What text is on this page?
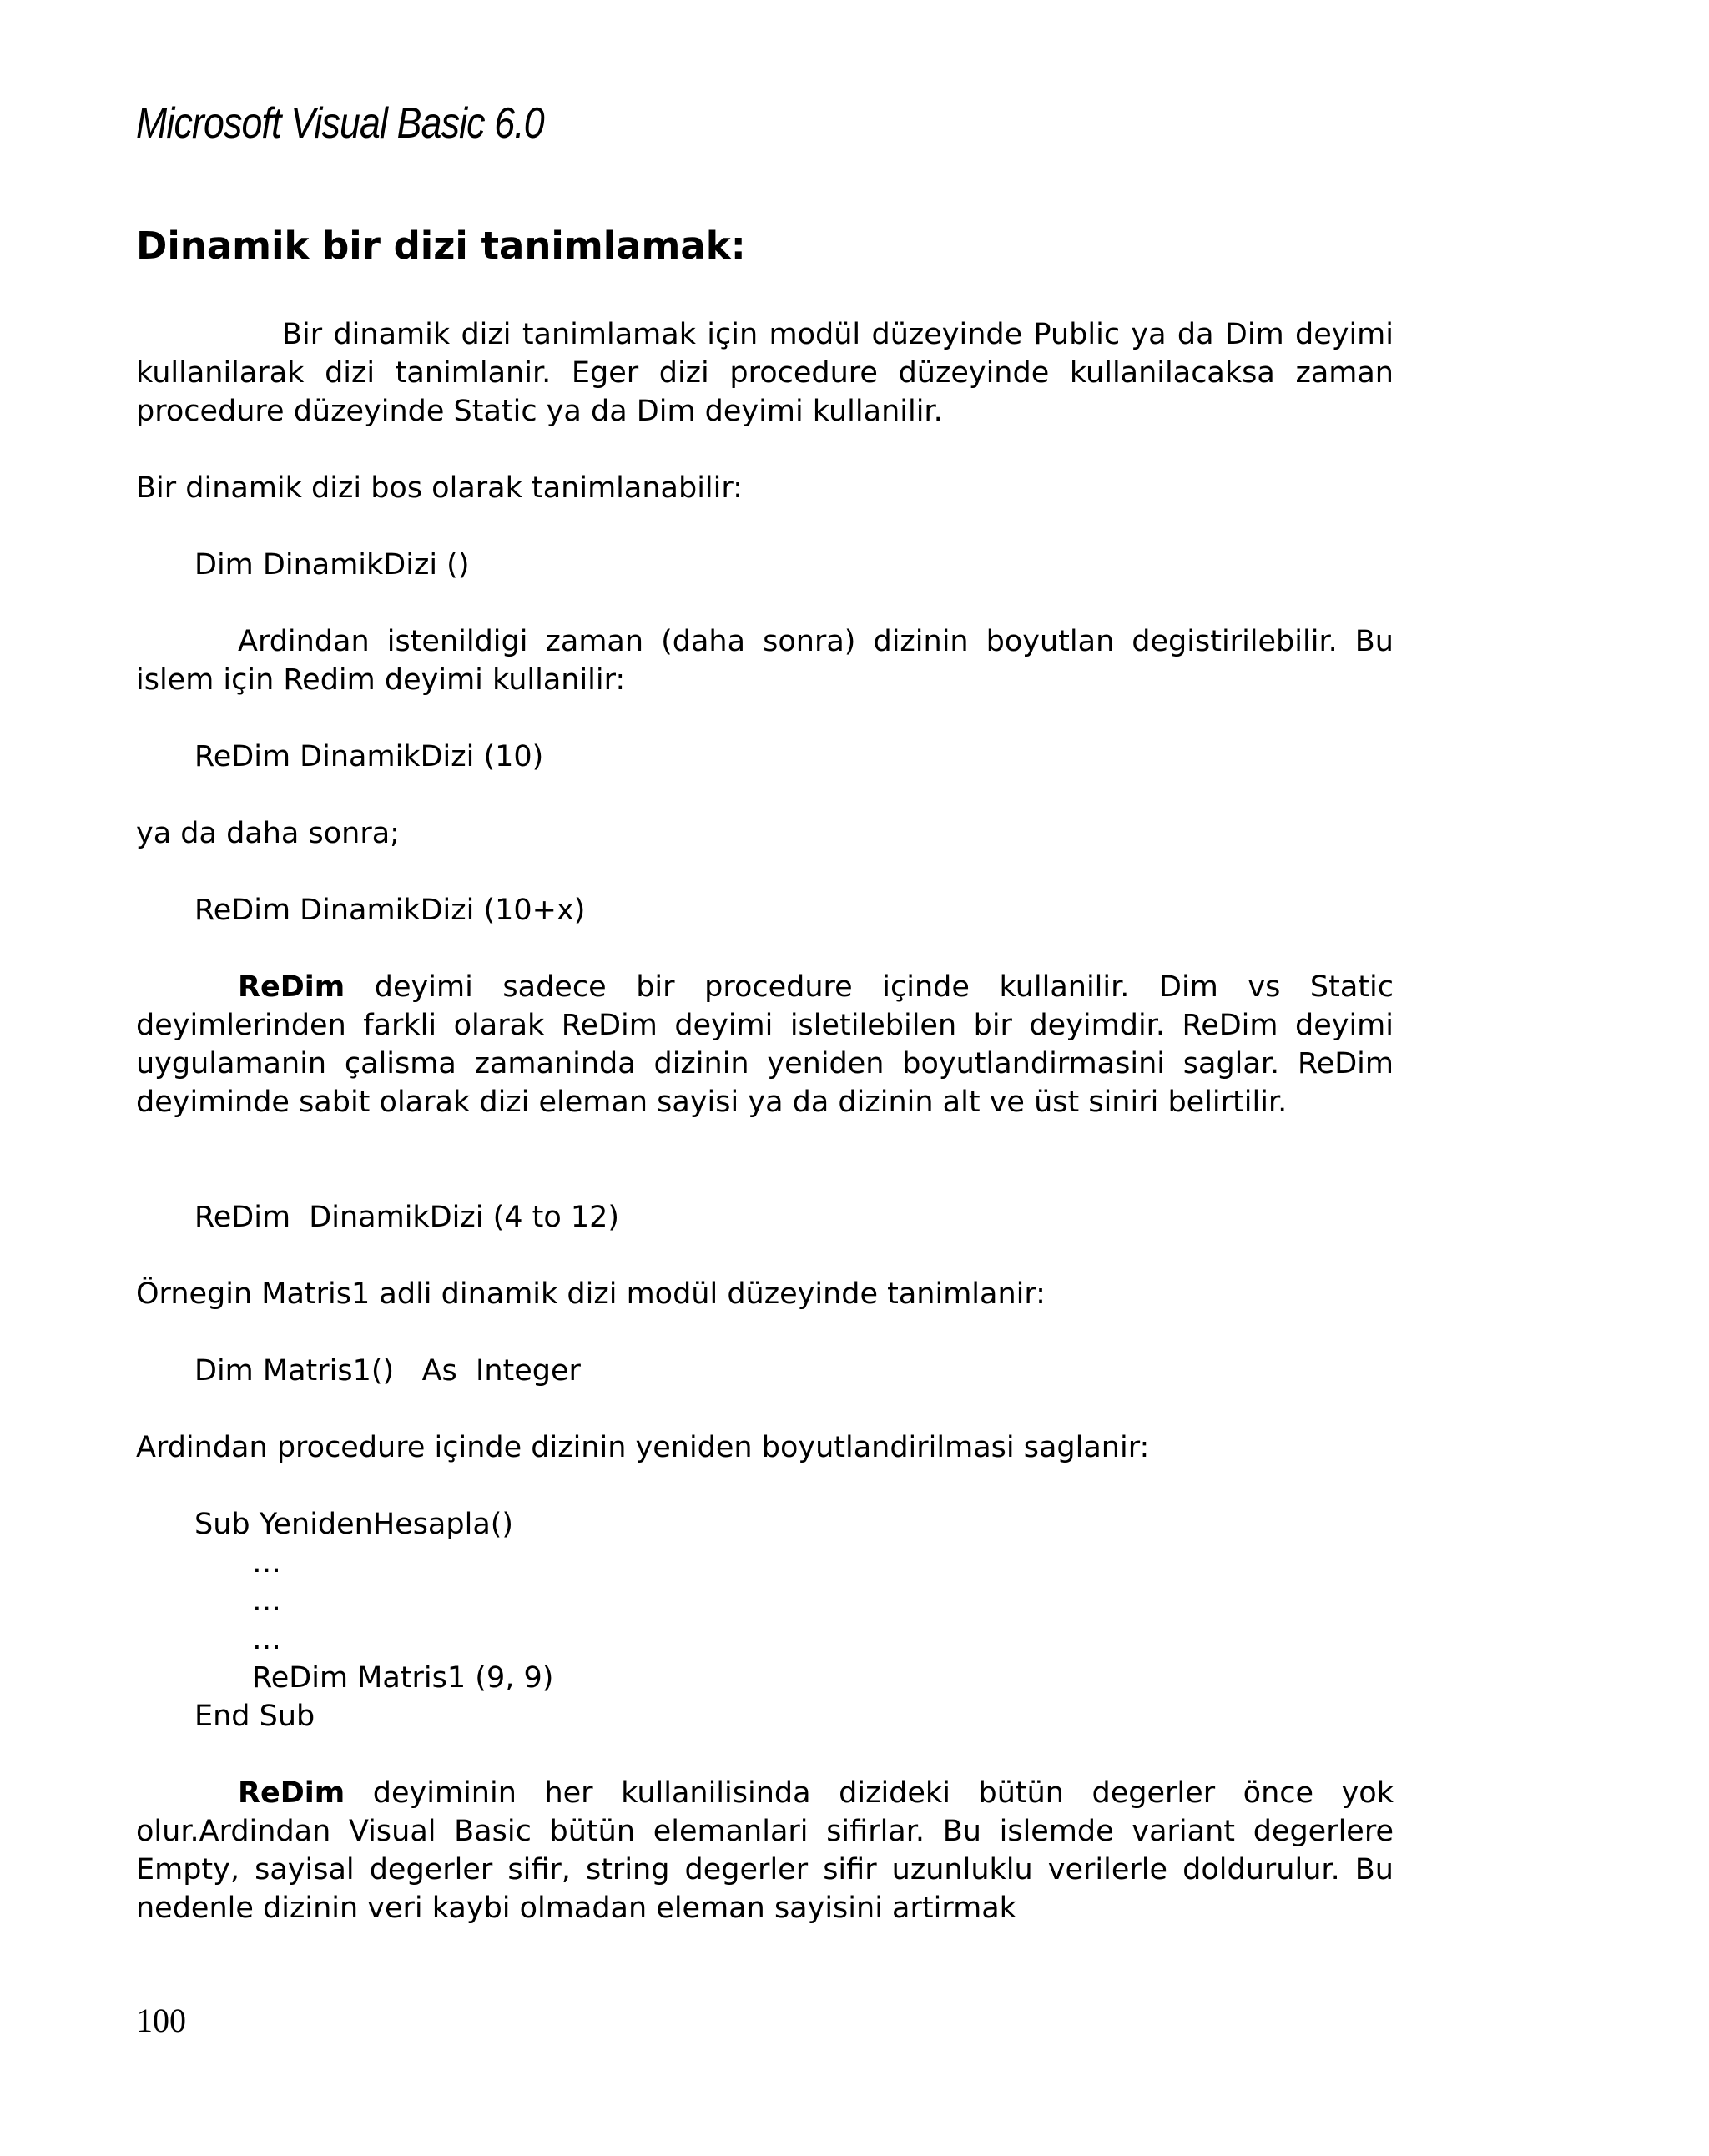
Microsoft Visual Basic 6.0
Dinamik bir dizi tanimlamak:
Bir dinamik dizi tanimlamak için modül düzeyinde Public ya da Dim deyimi kullanilarak dizi tanimlanir. Eger dizi procedure düzeyinde kullanilacaksa zaman procedure düzeyinde Static ya da Dim deyimi kullanilir.
Bir dinamik dizi bos olarak tanimlanabilir:
Dim DinamikDizi ()
Ardindan istenildigi zaman (daha sonra) dizinin boyutlan degistirilebilir. Bu islem için Redim deyimi kullanilir:
ReDim DinamikDizi (10)
ya da daha sonra;
ReDim DinamikDizi (10+x)
ReDim deyimi sadece bir procedure içinde kullanilir. Dim vs Static deyimlerinden farkli olarak ReDim deyimi isletilebilen bir deyimdir. ReDim deyimi uygulamanin çalisma zamaninda dizinin yeniden boyutlandirmasini saglar. ReDim deyiminde sabit olarak dizi eleman sayisi ya da dizinin alt ve üst siniri belirtilir.
ReDim  DinamikDizi (4 to 12)
Örnegin Matris1 adli dinamik dizi modül düzeyinde tanimlanir:
Dim Matris1()   As  Integer
Ardindan procedure içinde dizinin yeniden boyutlandirilmasi saglanir:
Sub YenidenHesapla()
…
…
…
ReDim Matris1 (9, 9)
End Sub
ReDim deyiminin her kullanilisinda dizideki bütün degerler önce yok olur.Ardindan Visual Basic bütün elemanlari sifirlar. Bu islemde variant degerlere Empty, sayisal degerler sifir, string degerler sifir uzunluklu verilerle doldurulur. Bu nedenle dizinin veri kaybi olmadan eleman sayisini artirmak
100
